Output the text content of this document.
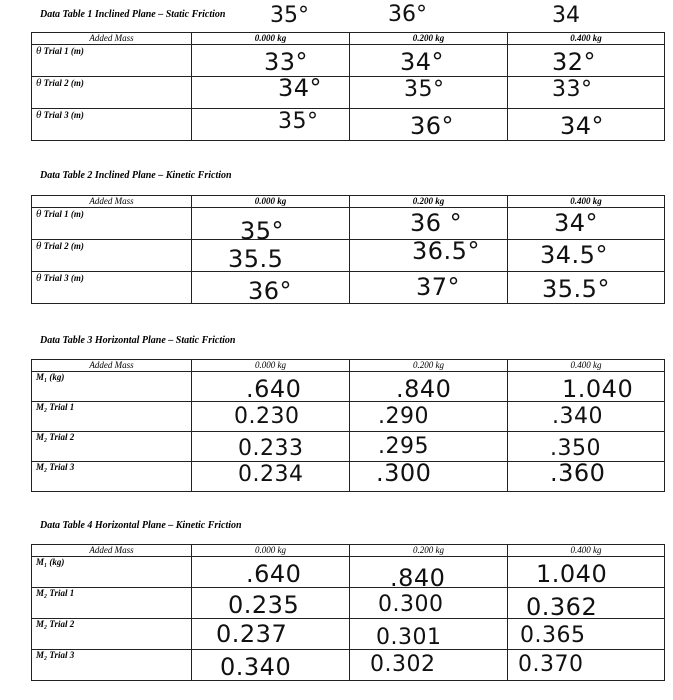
Data Table 1 Inclined Plane – Static Friction 35°	36°	34
Added Mass	0.000 kg	0.200 kg	0.400 kg
θ Trial 1 (m)	33°	34°	32°

θ Trial 2 (m)	34°	35°	33°

θ Trial 3 (m)	35°	36°	34°
Data Table 2 Inclined Plane – Kinetic Friction
Added Mass	0.000 kg	0.200 kg	0.400 kg
θ Trial 1 (m)	35°	36 °	34°

θ Trial 2 (m)	35.5	36.5°	34.5°

θ Trial 3 (m)	36°	37°	35.5°
Data Table 3 Horizontal Plane – Static Friction
Added Mass	0.000 kg	0.200 kg	0.400 kg
M₁ (kg)	.640	.840	1.040

M₂ Trial 1	0.230	.290	.340

M₂ Trial 2	0.233	.295	.350

M₂ Trial 3	0.234	.300	.360
Data Table 4 Horizontal Plane – Kinetic Friction
Added Mass	0.000 kg	0.200 kg	0.400 kg
M₁ (kg)	.640	.840	1.040

M₂ Trial 1	0.235	0.300	0.362

M₂ Trial 2	0.237	0.301	0.365

M₂ Trial 3	0.340	0.302	0.370
